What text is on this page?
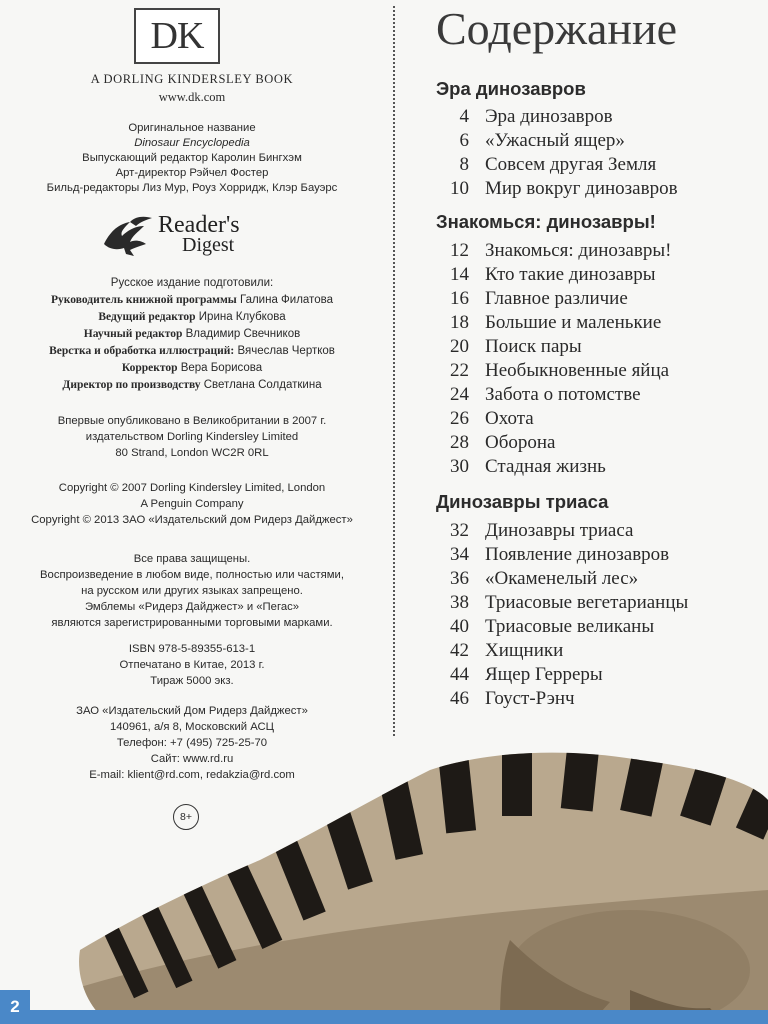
DK
A DORLING KINDERSLEY BOOK
www.dk.com
Оригинальное название
Dinosaur Encyclopedia
Выпускающий редактор Каролин Бингхэм
Арт-директор Рэйчел Фостер
Бильд-редакторы Лиз Мур, Роуз Хорридж, Клэр Бауэрс
Reader's
Digest
Русское издание подготовили:
Руководитель книжной программы Галина Филатова
Ведущий редактор Ирина Клубкова
Научный редактор Владимир Свечников
Верстка и обработка иллюстраций: Вячеслав Чертков
Корректор Вера Борисова
Директор по производству Светлана Солдаткина
Впервые опубликовано в Великобритании в 2007 г.
издательством Dorling Kindersley Limited
80 Strand, London WC2R 0RL
Copyright © 2007 Dorling Kindersley Limited, London
A Penguin Company
Copyright © 2013 ЗАО «Издательский дом Ридерз Дайджест»
Все права защищены.
Воспроизведение в любом виде, полностью или частями,
на русском или других языках запрещено.
Эмблемы «Ридерз Дайджест» и «Пегас»
являются зарегистрированными торговыми марками.
ISBN 978-5-89355-613-1
Отпечатано в Китае, 2013 г.
Тираж 5000 экз.
ЗАО «Издательский Дом Ридерз Дайджест»
140961, а/я 8, Московский АСЦ
Телефон: +7 (495) 725-25-70
Сайт: www.rd.ru
E-mail: klient@rd.com, redakzia@rd.com
8+
Содержание
Эра динозавров
4 Эра динозавров
6 «Ужасный ящер»
8 Совсем другая Земля
10 Мир вокруг динозавров
Знакомься: динозавры!
12 Знакомься: динозавры!
14 Кто такие динозавры
16 Главное различие
18 Большие и маленькие
20 Поиск пары
22 Необыкновенные яйца
24 Забота о потомстве
26 Охота
28 Оборона
30 Стадная жизнь
Динозавры триаса
32 Динозавры триаса
34 Появление динозавров
36 «Окаменелый лес»
38 Триасовые вегетарианцы
40 Триасовые великаны
42 Хищники
44 Ящер Герреры
46 Гоуст-Рэнч
2
